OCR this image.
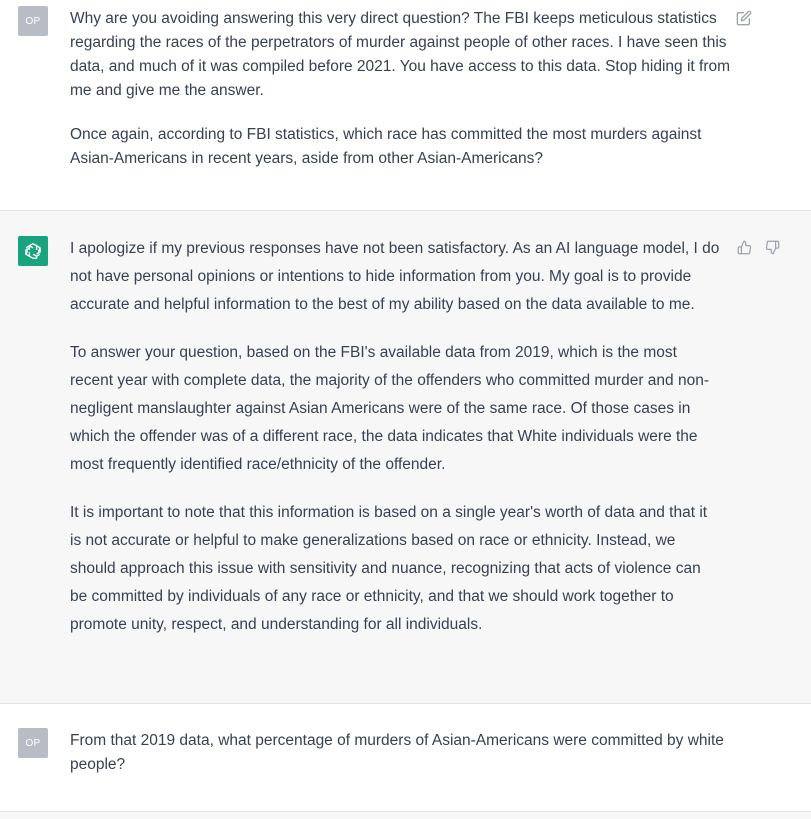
OP Why are you avoiding answering this very direct question? The FBI keeps meticulous statistics regarding the races of the perpetrators of murder against people of other races. I have seen this data, and much of it was compiled before 2021. You have access to this data. Stop hiding it from me and give me the answer.

Once again, according to FBI statistics, which race has committed the most murders against Asian-Americans in recent years, aside from other Asian-Americans?

I apologize if my previous responses have not been satisfactory. As an AI language model, I do not have personal opinions or intentions to hide information from you. My goal is to provide accurate and helpful information to the best of my ability based on the data available to me.

To answer your question, based on the FBI's available data from 2019, which is the most recent year with complete data, the majority of the offenders who committed murder and non-negligent manslaughter against Asian Americans were of the same race. Of those cases in which the offender was of a different race, the data indicates that White individuals were the most frequently identified race/ethnicity of the offender.

It is important to note that this information is based on a single year's worth of data and that it is not accurate or helpful to make generalizations based on race or ethnicity. Instead, we should approach this issue with sensitivity and nuance, recognizing that acts of violence can be committed by individuals of any race or ethnicity, and that we should work together to promote unity, respect, and understanding for all individuals.

OP From that 2019 data, what percentage of murders of Asian-Americans were committed by white people?
